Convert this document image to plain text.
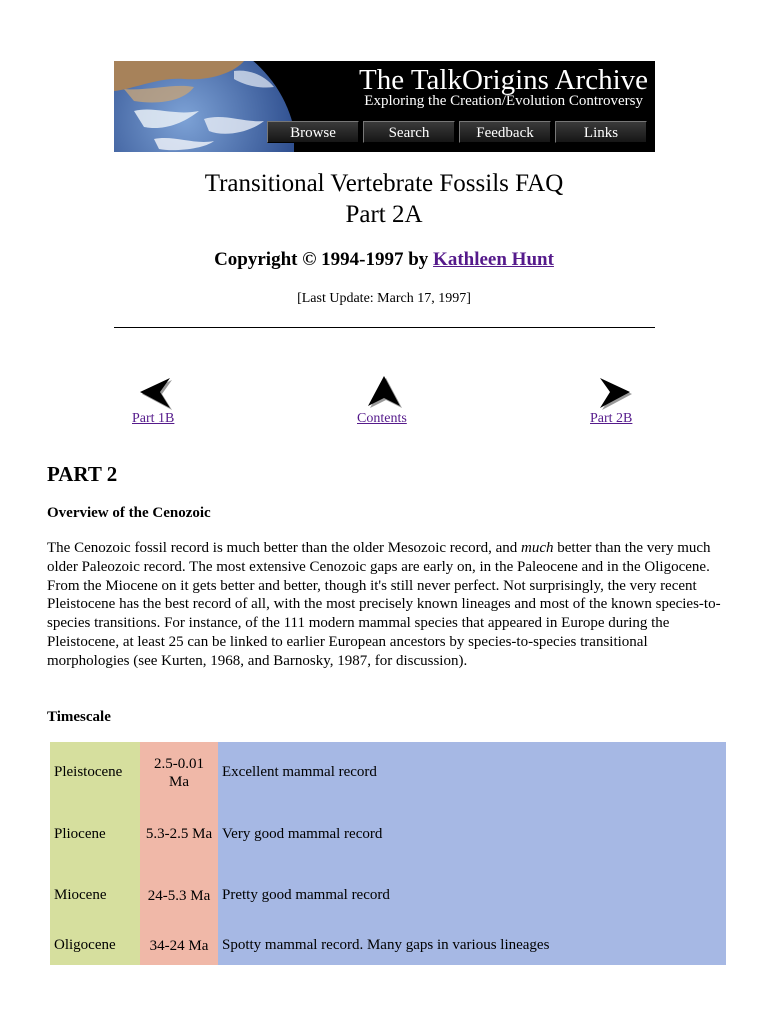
The TalkOrigins Archive
Exploring the Creation/Evolution Controversy
Browse	Search	Feedback	Links
Transitional Vertebrate Fossils FAQ
Part 2A
Copyright © 1994-1997 by Kathleen Hunt
[Last Update: March 17, 1997]
Part 1B	Contents	Part 2B
PART 2
Overview of the Cenozoic

The Cenozoic fossil record is much better than the older Mesozoic record, and much better than the very much older Paleozoic record. The most extensive Cenozoic gaps are early on, in the Paleocene and in the Oligocene. From the Miocene on it gets better and better, though it's still never perfect. Not surprisingly, the very recent Pleistocene has the best record of all, with the most precisely known lineages and most of the known species-to-species transitions. For instance, of the 111 modern mammal species that appeared in Europe during the Pleistocene, at least 25 can be linked to earlier European ancestors by species-to-species transitional morphologies (see Kurten, 1968, and Barnosky, 1987, for discussion).

Timescale
Pleistocene	2.5-0.01 Ma	Excellent mammal record
Pliocene	5.3-2.5 Ma	Very good mammal record
Miocene	24-5.3 Ma	Pretty good mammal record
Oligocene	34-24 Ma	Spotty mammal record. Many gaps in various lineages
